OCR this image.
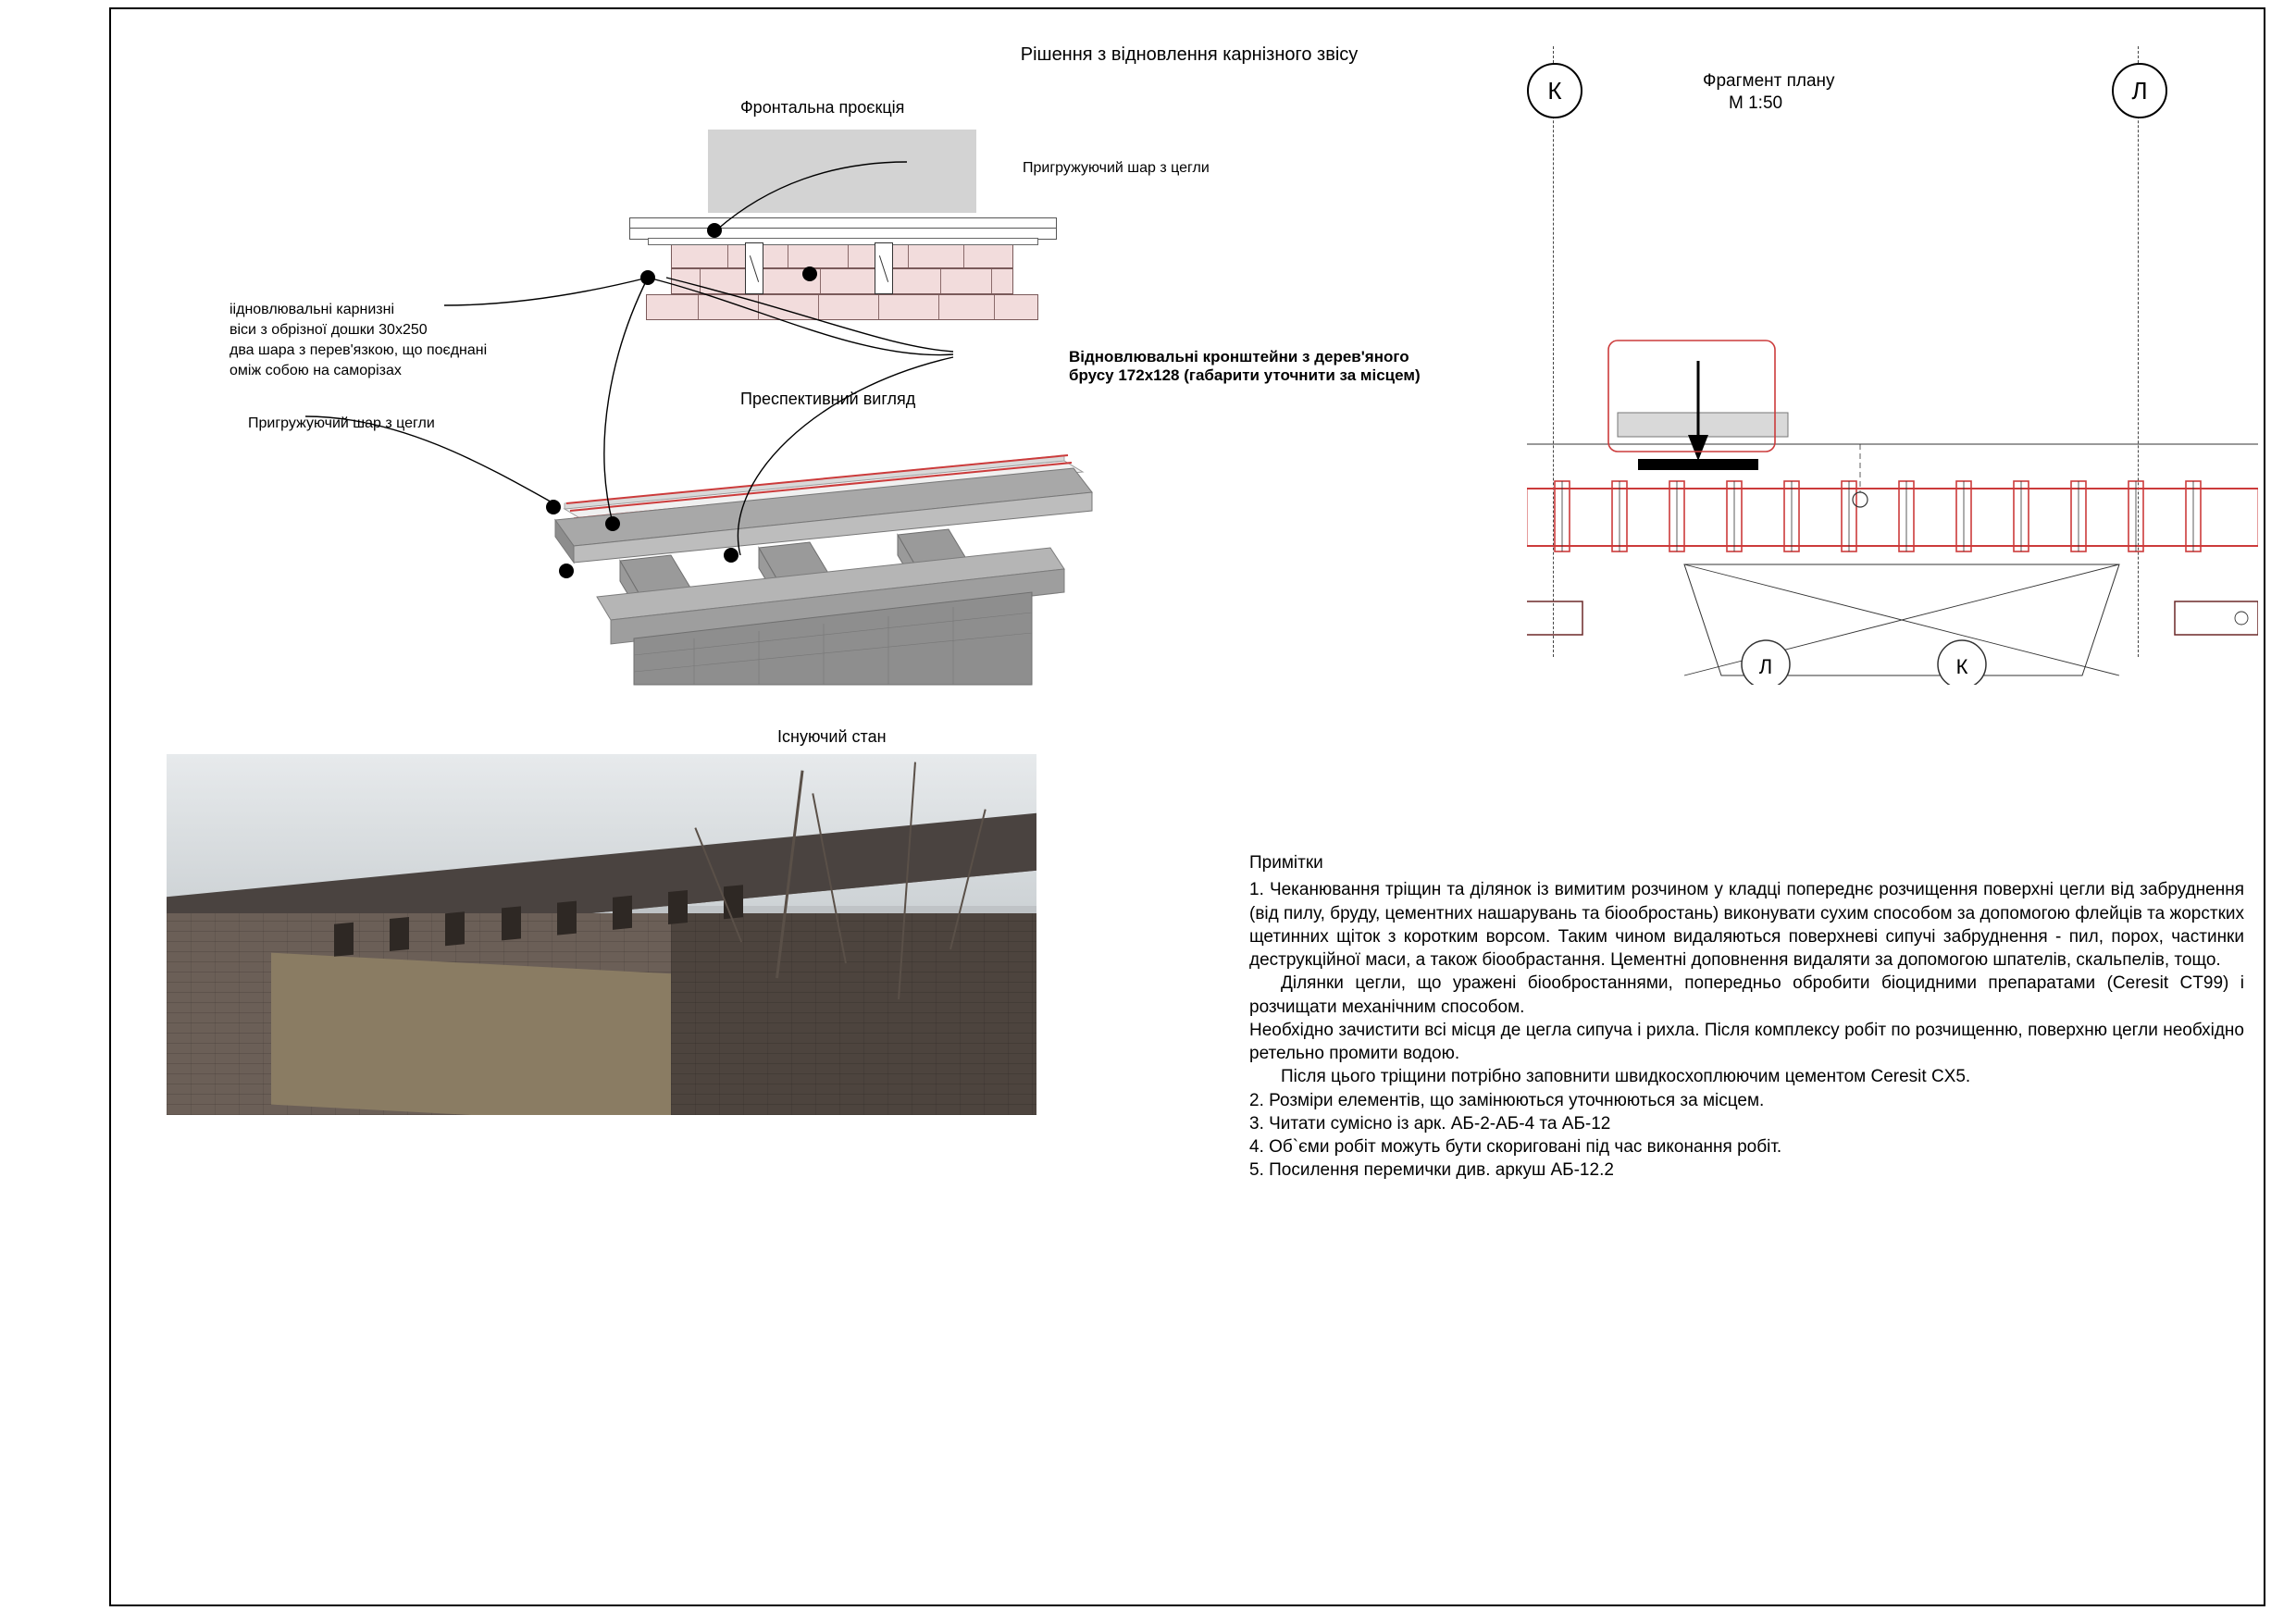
Рішення з відновлення карнізного звісу
Фронтальна проєкція
Пригружуючий шар з цегли
іідновлювальні карнизні
віси з обрізної дошки 30х250
два шара з перев'язкою, що поєднані
оміж собою на саморізах
Відновлювальні кронштейни з дерев'яного
брусу 172х128 (габарити уточнити за місцем)
Пригружуючий шар з цегли
Преспективний вигляд
Існуючий стан
К	Л
Фрагмент плану
М 1:50
Л	К
Примітки

1. Чеканювання тріщин та ділянок із вимитим розчином у кладці попереднє розчищення поверхні цегли від забруднення (від пилу, бруду, цементних нашарувань та біообростань) виконувати сухим способом за допомогою флейців та жорстких щетинних щіток з коротким ворсом. Таким чином видаляються поверхневі сипучі забруднення - пил, порох, частинки деструкційної маси, а також біообрастання. Цементні доповнення видаляти за допомогою шпателів, скальпелів, тощо.

Ділянки цегли, що уражені біообростаннями, попередньо обробити біоцидними препаратами (Ceresit CT99) і розчищати механічним способом.

Необхідно зачистити всі місця де цегла сипуча і рихла. Після комплексу робіт по розчищенню, поверхню цегли необхідно ретельно промити водою.

Після цього тріщини потрібно заповнити швидкосхоплюючим цементом Ceresit CX5.

2. Розміри елементів, що замінюються уточнюються за місцем.

3. Читати сумісно із арк. АБ-2-АБ-4 та АБ-12

4. Об`єми робіт можуть бути скориговані під час виконання робіт.

5. Посилення перемички див. аркуш АБ-12.2
